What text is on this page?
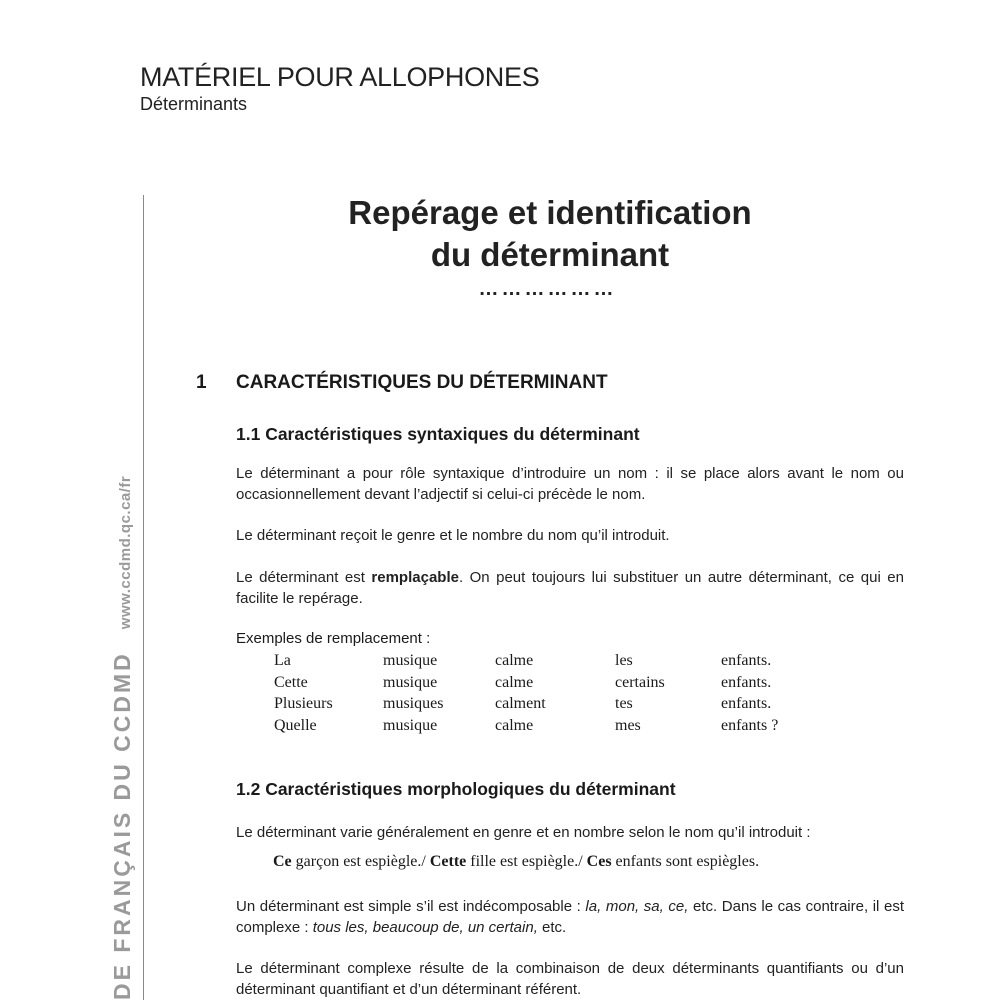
MATÉRIEL POUR ALLOPHONES
Déterminants
DE FRANÇAIS DU CCDMDwww.ccdmd.qc.ca/fr
Repérage et identification
du déterminant
………………
1 CARACTÉRISTIQUES DU DÉTERMINANT
1.1 Caractéristiques syntaxiques du déterminant
Le déterminant a pour rôle syntaxique d’introduire un nom : il se place alors avant le nom ou occasionnellement devant l’adjectif si celui-ci précède le nom.
Le déterminant reçoit le genre et le nombre du nom qu’il introduit.
Le déterminant est remplaçable. On peut toujours lui substituer un autre déterminant, ce qui en facilite le repérage.
Exemples de remplacement :
La	musique	calme	les	enfants.
Cette	musique	calme	certains	enfants.
Plusieurs	musiques	calment	tes	enfants.
Quelle	musique	calme	mes	enfants ?
1.2 Caractéristiques morphologiques du déterminant
Le déterminant varie généralement en genre et en nombre selon le nom qu’il introduit :
Ce garçon est espiègle./ Cette fille est espiègle./ Ces enfants sont espiègles.
Un déterminant est simple s’il est indécomposable : la, mon, sa, ce, etc. Dans le cas contraire, il est complexe : tous les, beaucoup de, un certain, etc.
Le déterminant complexe résulte de la combinaison de deux déterminants quantifiants ou d’un déterminant quantifiant et d’un déterminant référent.
